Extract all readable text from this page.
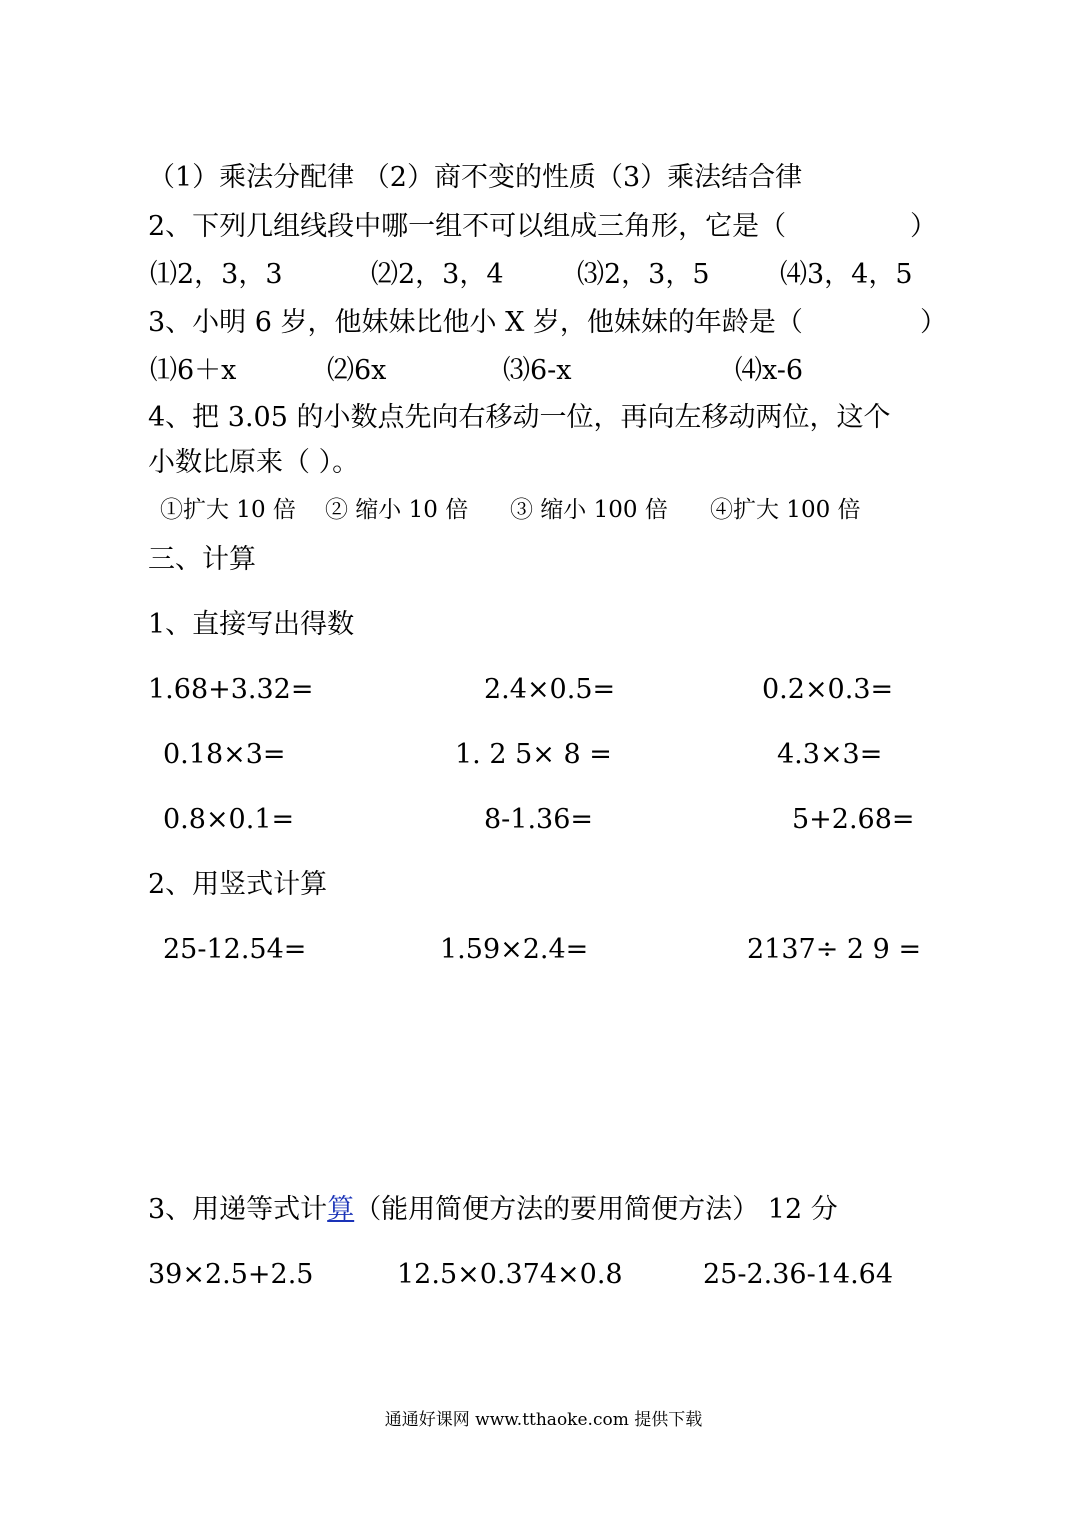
（1）乘法分配律 （2）商不变的性质（3）乘法结合律
2、下列几组线段中哪一组不可以组成三角形，它是（	）
⑴2，3，3	⑵2，3，4	⑶2，3，5	⑷3，4，5
3、小明 6 岁，他妹妹比他小 X 岁，他妹妹的年龄是（	）
⑴6＋x	⑵6x	⑶6-x	⑷x-6
4、把 3.05 的小数点先向右移动一位，再向左移动两位，这个
小数比原来（ ）。
①扩大 10 倍 ② 缩小 10 倍 ③ 缩小 100 倍 ④扩大 100 倍
三、计算
1、直接写出得数
1.68+3.32=	2.4×0.5=	0.2×0.3=
0.18×3=	1. 2 5× 8 =	4.3×3=
0.8×0.1=	8-1.36=	5+2.68=
2、用竖式计算
25-12.54=	1.59×2.4=	2137÷ 2 9 =
3、用递等式计算（能用简便方法的要用简便方法） 12 分
39×2.5+2.5	12.5×0.374×0.8	25-2.36-14.64
通通好课网 www.tthaoke.com 提供下载
